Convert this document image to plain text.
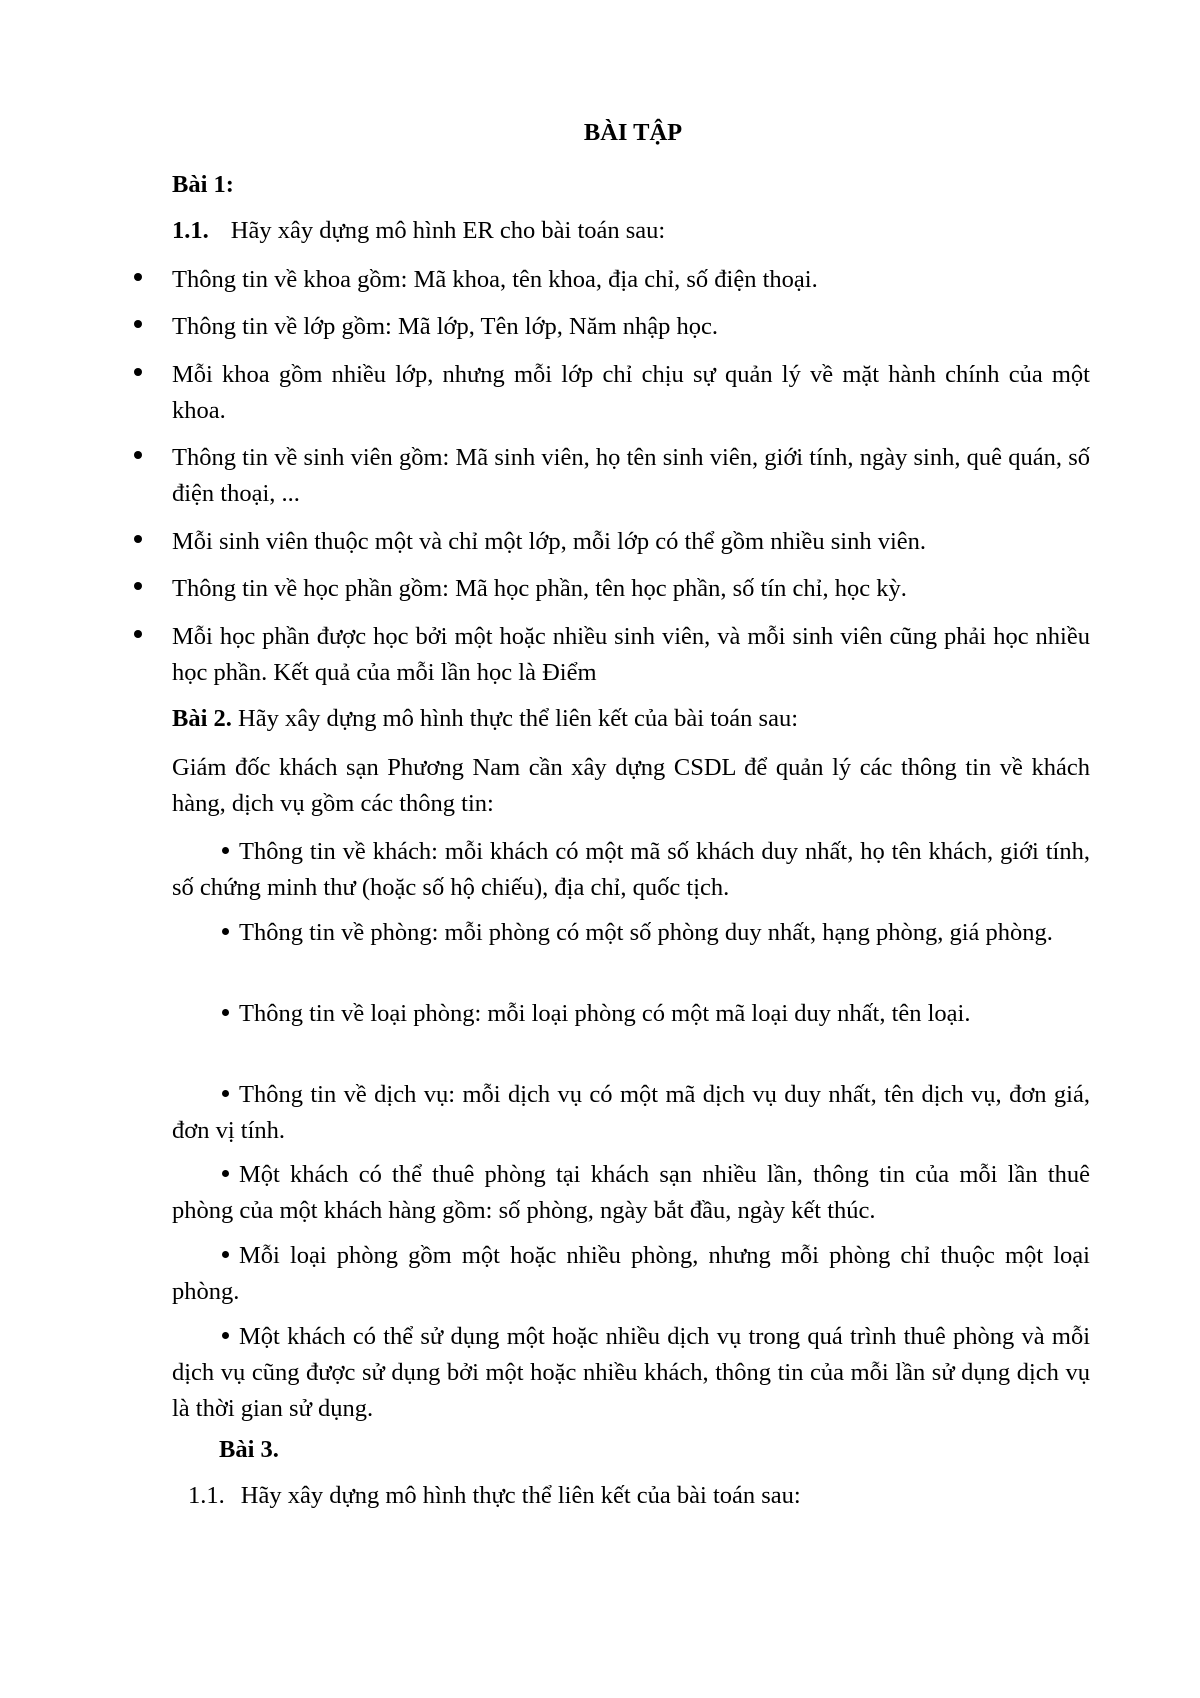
BÀI TẬP
Bài 1:
1.1. Hãy xây dựng mô hình ER cho bài toán sau:
Thông tin về khoa gồm: Mã khoa, tên khoa, địa chỉ, số điện thoại.
Thông tin về lớp gồm: Mã lớp, Tên lớp, Năm nhập học.
Mỗi khoa gồm nhiều lớp, nhưng mỗi lớp chỉ chịu sự quản lý về mặt hành chính của một khoa.
Thông tin về sinh viên gồm: Mã sinh viên, họ tên sinh viên, giới tính, ngày sinh, quê quán, số điện thoại, ...
Mỗi sinh viên thuộc một và chỉ một lớp, mỗi lớp có thể gồm nhiều sinh viên.
Thông tin về học phần gồm: Mã học phần, tên học phần, số tín chỉ, học kỳ.
Mỗi học phần được học bởi một hoặc nhiều sinh viên, và mỗi sinh viên cũng phải học nhiều học phần. Kết quả của mỗi lần học là Điểm
Bài 2. Hãy xây dựng mô hình thực thể liên kết của bài toán sau:
Giám đốc khách sạn Phương Nam cần xây dựng CSDL để quản lý các thông tin về khách hàng, dịch vụ gồm các thông tin:
Thông tin về khách: mỗi khách có một mã số khách duy nhất, họ tên khách, giới tính, số chứng minh thư (hoặc số hộ chiếu), địa chỉ, quốc tịch.
Thông tin về phòng: mỗi phòng có một số phòng duy nhất, hạng phòng, giá phòng.
Thông tin về loại phòng: mỗi loại phòng có một mã loại duy nhất, tên loại.
Thông tin về dịch vụ: mỗi dịch vụ có một mã dịch vụ duy nhất, tên dịch vụ, đơn giá, đơn vị tính.
Một khách có thể thuê phòng tại khách sạn nhiều lần, thông tin của mỗi lần thuê phòng của một khách hàng gồm: số phòng, ngày bắt đầu, ngày kết thúc.
Mỗi loại phòng gồm một hoặc nhiều phòng, nhưng mỗi phòng chỉ thuộc một loại phòng.
Một khách có thể sử dụng một hoặc nhiều dịch vụ trong quá trình thuê phòng và mỗi dịch vụ cũng được sử dụng bởi một hoặc nhiều khách, thông tin của mỗi lần sử dụng dịch vụ là thời gian sử dụng.
Bài 3.
1.1. Hãy xây dựng mô hình thực thể liên kết của bài toán sau:
